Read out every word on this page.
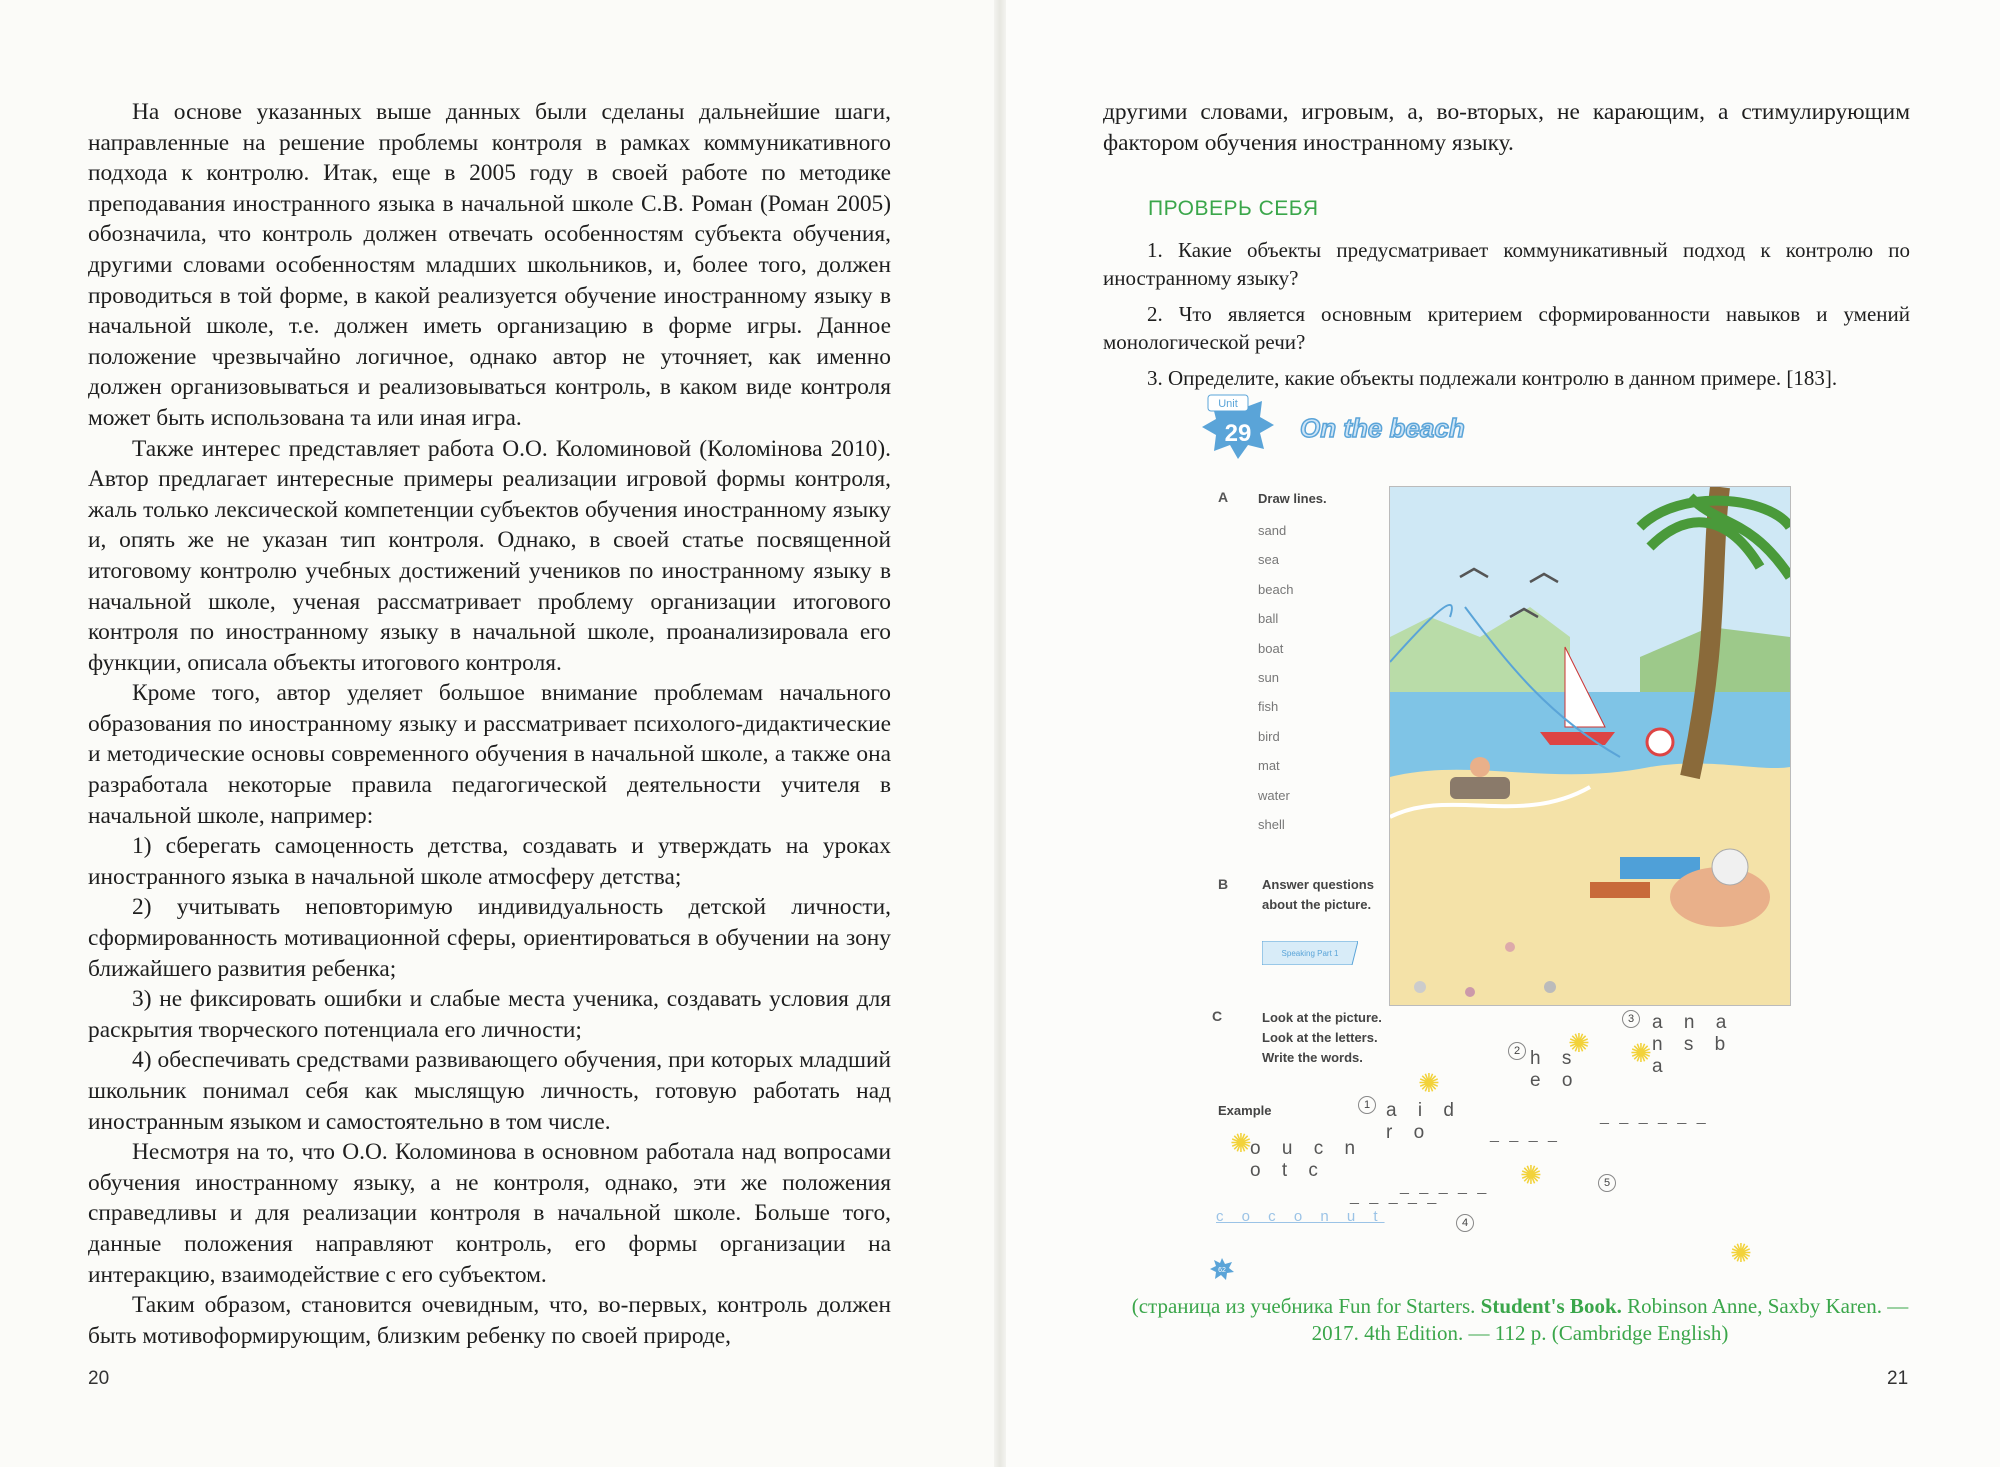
На основе указанных выше данных были сделаны дальнейшие шаги, направленные на решение проблемы контроля в рамках коммуникативного подхода к контролю. Итак, еще в 2005 году в своей работе по методике преподавания иностранного языка в начальной школе С.В. Роман (Роман 2005) обозначила, что контроль должен отвечать особенностям субъекта обучения, другими словами особенностям младших школьников, и, более того, должен проводиться в той форме, в какой реализуется обучение иностранному языку в начальной школе, т.е. должен иметь организацию в форме игры. Данное положение чрезвычайно логичное, однако автор не уточняет, как именно должен организовываться и реализовываться контроль, в каком виде контроля может быть использована та или иная игра.

Также интерес представляет работа О.О. Коломиновой (Коломінова 2010). Автор предлагает интересные примеры реализации игровой формы контроля, жаль только лексической компетенции субъектов обучения иностранному языку и, опять же не указан тип контроля. Однако, в своей статье посвященной итоговому контролю учебных достижений учеников по иностранному языку в начальной школе, ученая рассматривает проблему организации итогового контроля по иностранному языку в начальной школе, проанализировала его функции, описала объекты итогового контроля.

Кроме того, автор уделяет большое внимание проблемам начального образования по иностранному языку и рассматривает психолого-дидактические и методические основы современного обучения в начальной школе, а также она разработала некоторые правила педагогической деятельности учителя в начальной школе, например:

1) сберегать самоценность детства, создавать и утверждать на уроках иностранного языка в начальной школе атмосферу детства;

2) учитывать неповторимую индивидуальность детской личности, сформированность мотивационной сферы, ориентироваться в обучении на зону ближайшего развития ребенка;

3) не фиксировать ошибки и слабые места ученика, создавать условия для раскрытия творческого потенциала его личности;

4) обеспечивать средствами развивающего обучения, при которых младший школьник понимал себя как мыслящую личность, готовую работать над иностранным языком и самостоятельно в том числе.

Несмотря на то, что О.О. Коломинова в основном работала над вопросами обучения иностранному языку, а не контроля, однако, эти же положения справедливы и для реализации контроля в начальной школе. Больше того, данные положения направляют контроль, его формы организации на интеракцию, взаимодействие с его субъектом.

Таким образом, становится очевидным, что, во-первых, контроль должен быть мотивоформирующим, близким ребенку по своей природе,

20

другими словами, игровым, а, во-вторых, не карающим, а стимулирующим фактором обучения иностранному языку.

ПРОВЕРЬ СЕБЯ

1. Какие объекты предусматривает коммуникативный подход к контролю по иностранному языку?

2. Что является основным критерием сформированности навыков и умений монологической речи?

3. Определите, какие объекты подлежали контролю в данном примере. [183].

Unit
29 On the beach
A Draw lines.
sand
sea
beach
ball
boat
sun
fish
bird
mat
water
shell
B	Answer questions about the picture.
Speaking Part 1
C	Look at the picture.
Look at the letters.
Write the words.
Example
✺
o u c n o t c
c o c o n u t
1
✺
a i d r o
_ _ _ _ _
2 ✺
h s e o
_ _ _ _
3
✺
a n a n s b a
_ _ _ _ _ _
4
_ _ _ _ _
5
✺
✺
62
(страница из учебника Fun for Starters. Student's Book. Robinson Anne, Saxby Karen. — 2017. 4th Edition. — 112 p. (Cambridge English)
21
